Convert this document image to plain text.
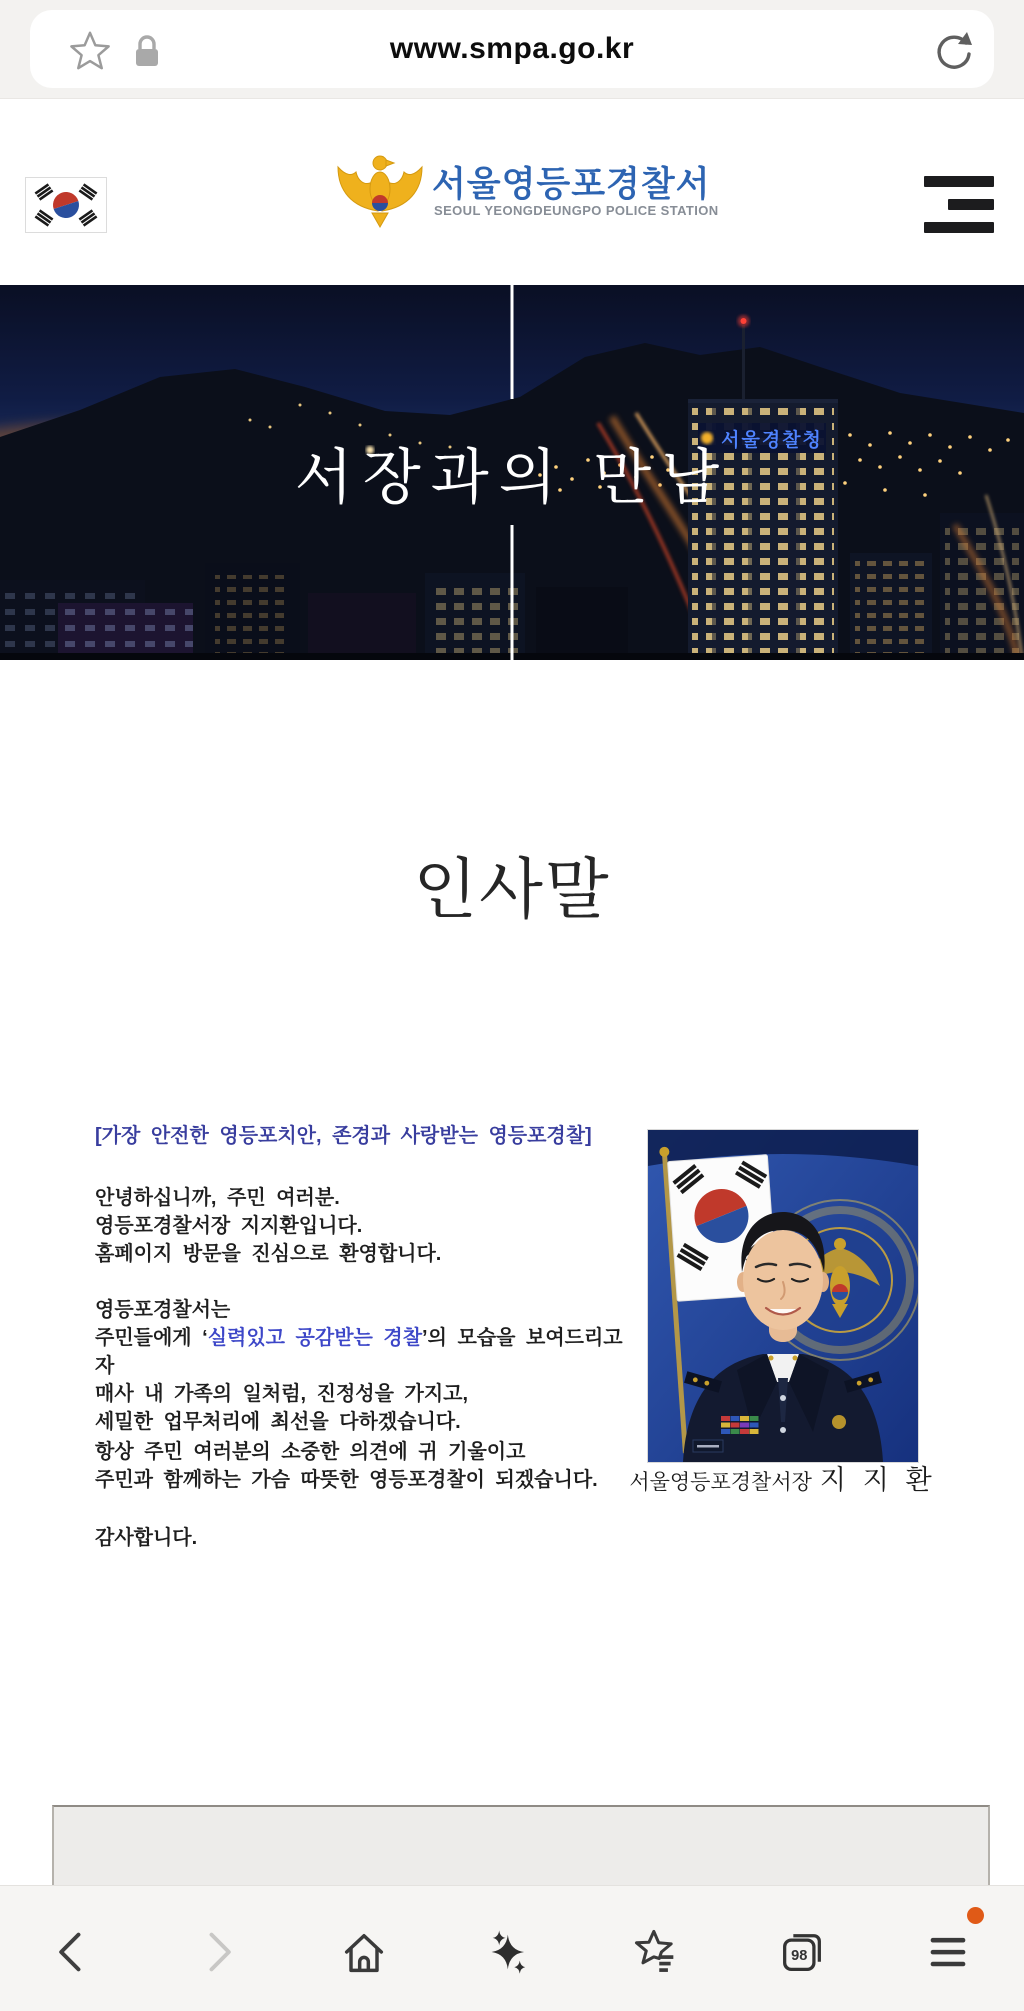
www.smpa.go.kr
서울영등포경찰서
SEOUL YEONGDEUNGPO POLICE STATION
서울경찰청
서장과의 만남
인사말
[가장 안전한 영등포치안, 존경과 사랑받는 영등포경찰]
안녕하십니까, 주민 여러분.
영등포경찰서장 지지환입니다.
홈페이지 방문을 진심으로 환영합니다.
영등포경찰서는
주민들에게 ‘실력있고 공감받는 경찰’의 모습을 보여드리고자
매사 내 가족의 일처럼, 진정성을 가지고,
세밀한 업무처리에 최선을 다하겠습니다.
항상 주민 여러분의 소중한 의견에 귀 기울이고
주민과 함께하는 가슴 따뜻한 영등포경찰이 되겠습니다.
감사합니다.
서울영등포경찰서장 지 지 환
98
